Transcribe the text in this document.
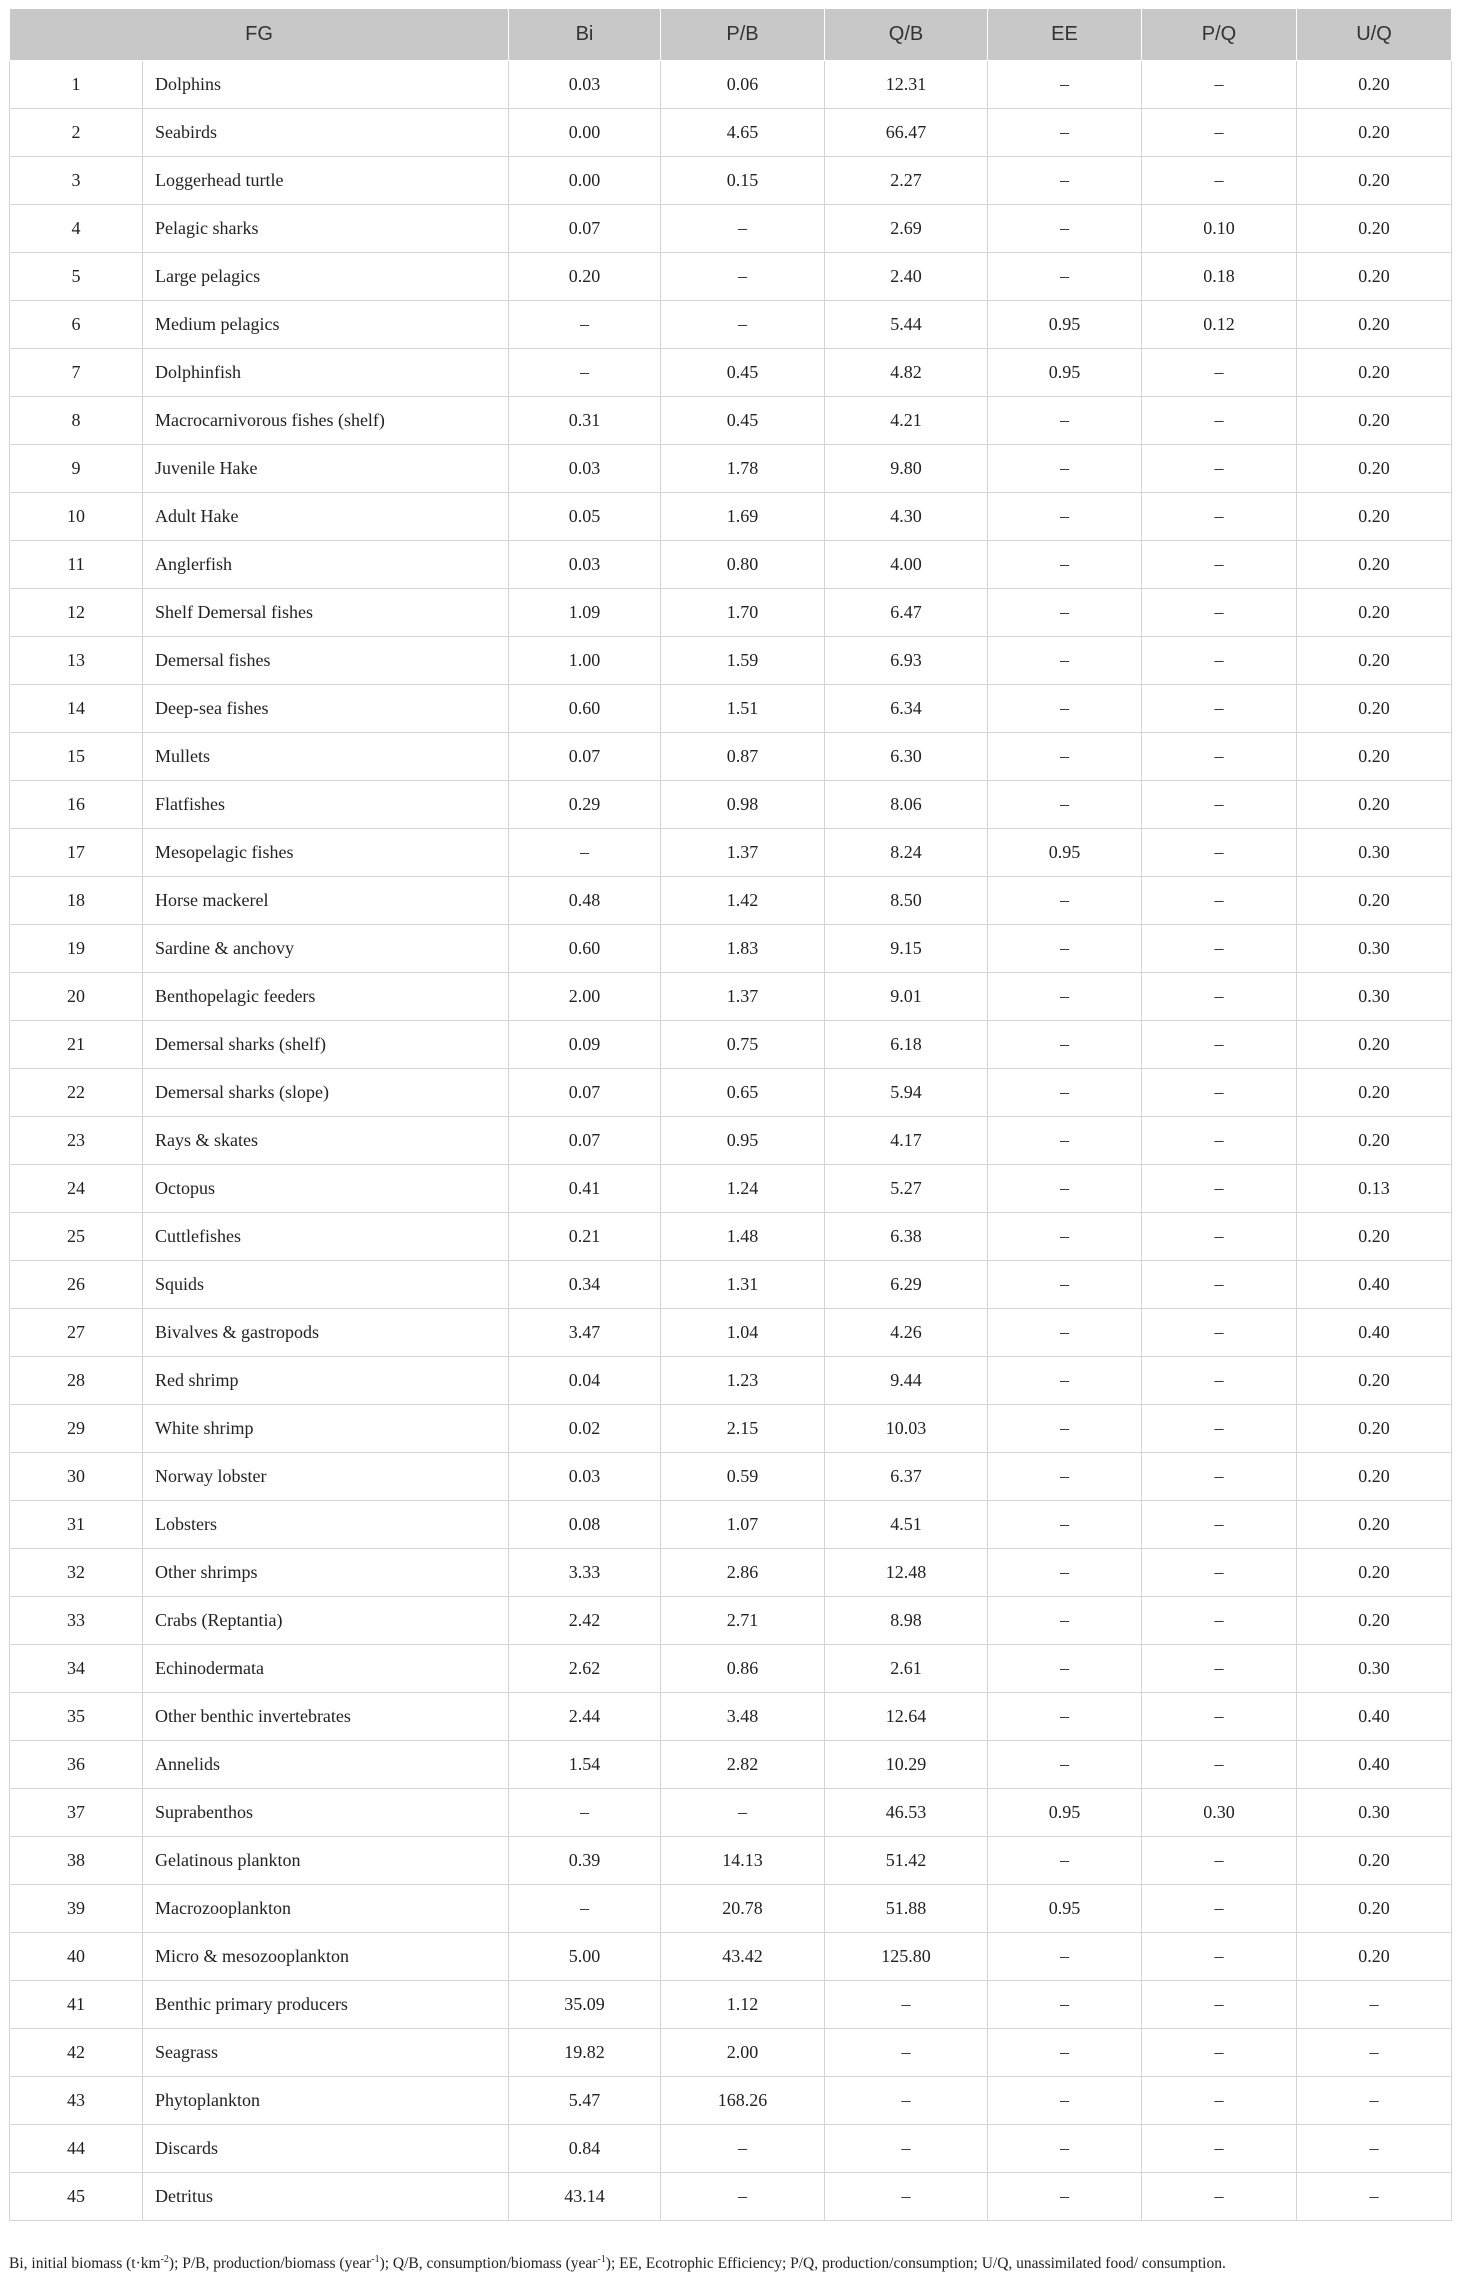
FG		Bi	P/B	Q/B	EE	P/Q	U/Q
1	Dolphins	0.03	0.06	12.31	–	–	0.20
2	Seabirds	0.00	4.65	66.47	–	–	0.20
3	Loggerhead turtle	0.00	0.15	2.27	–	–	0.20
4	Pelagic sharks	0.07	–	2.69	–	0.10	0.20
5	Large pelagics	0.20	–	2.40	–	0.18	0.20
6	Medium pelagics	–	–	5.44	0.95	0.12	0.20
7	Dolphinfish	–	0.45	4.82	0.95	–	0.20
8	Macrocarnivorous fishes (shelf)	0.31	0.45	4.21	–	–	0.20
9	Juvenile Hake	0.03	1.78	9.80	–	–	0.20
10	Adult Hake	0.05	1.69	4.30	–	–	0.20
11	Anglerfish	0.03	0.80	4.00	–	–	0.20
12	Shelf Demersal fishes	1.09	1.70	6.47	–	–	0.20
13	Demersal fishes	1.00	1.59	6.93	–	–	0.20
14	Deep-sea fishes	0.60	1.51	6.34	–	–	0.20
15	Mullets	0.07	0.87	6.30	–	–	0.20
16	Flatfishes	0.29	0.98	8.06	–	–	0.20
17	Mesopelagic fishes	–	1.37	8.24	0.95	–	0.30
18	Horse mackerel	0.48	1.42	8.50	–	–	0.20
19	Sardine & anchovy	0.60	1.83	9.15	–	–	0.30
20	Benthopelagic feeders	2.00	1.37	9.01	–	–	0.30
21	Demersal sharks (shelf)	0.09	0.75	6.18	–	–	0.20
22	Demersal sharks (slope)	0.07	0.65	5.94	–	–	0.20
23	Rays & skates	0.07	0.95	4.17	–	–	0.20
24	Octopus	0.41	1.24	5.27	–	–	0.13
25	Cuttlefishes	0.21	1.48	6.38	–	–	0.20
26	Squids	0.34	1.31	6.29	–	–	0.40
27	Bivalves & gastropods	3.47	1.04	4.26	–	–	0.40
28	Red shrimp	0.04	1.23	9.44	–	–	0.20
29	White shrimp	0.02	2.15	10.03	–	–	0.20
30	Norway lobster	0.03	0.59	6.37	–	–	0.20
31	Lobsters	0.08	1.07	4.51	–	–	0.20
32	Other shrimps	3.33	2.86	12.48	–	–	0.20
33	Crabs (Reptantia)	2.42	2.71	8.98	–	–	0.20
34	Echinodermata	2.62	0.86	2.61	–	–	0.30
35	Other benthic invertebrates	2.44	3.48	12.64	–	–	0.40
36	Annelids	1.54	2.82	10.29	–	–	0.40
37	Suprabenthos	–	–	46.53	0.95	0.30	0.30
38	Gelatinous plankton	0.39	14.13	51.42	–	–	0.20
39	Macrozooplankton	–	20.78	51.88	0.95	–	0.20
40	Micro & mesozooplankton	5.00	43.42	125.80	–	–	0.20
41	Benthic primary producers	35.09	1.12	–	–	–	–
42	Seagrass	19.82	2.00	–	–	–	–
43	Phytoplankton	5.47	168.26	–	–	–	–
44	Discards	0.84	–	–	–	–	–
45	Detritus	43.14	–	–	–	–	–
Bi, initial biomass $(t\cdot km^{-2})$; P/B, production/biomass (year$^{-1}$); Q/B, consumption/biomass (year$^{-1}$); EE, Ecotrophic Efficiency; P/Q, production/consumption; U/Q, unassimilated food/ consumption.
